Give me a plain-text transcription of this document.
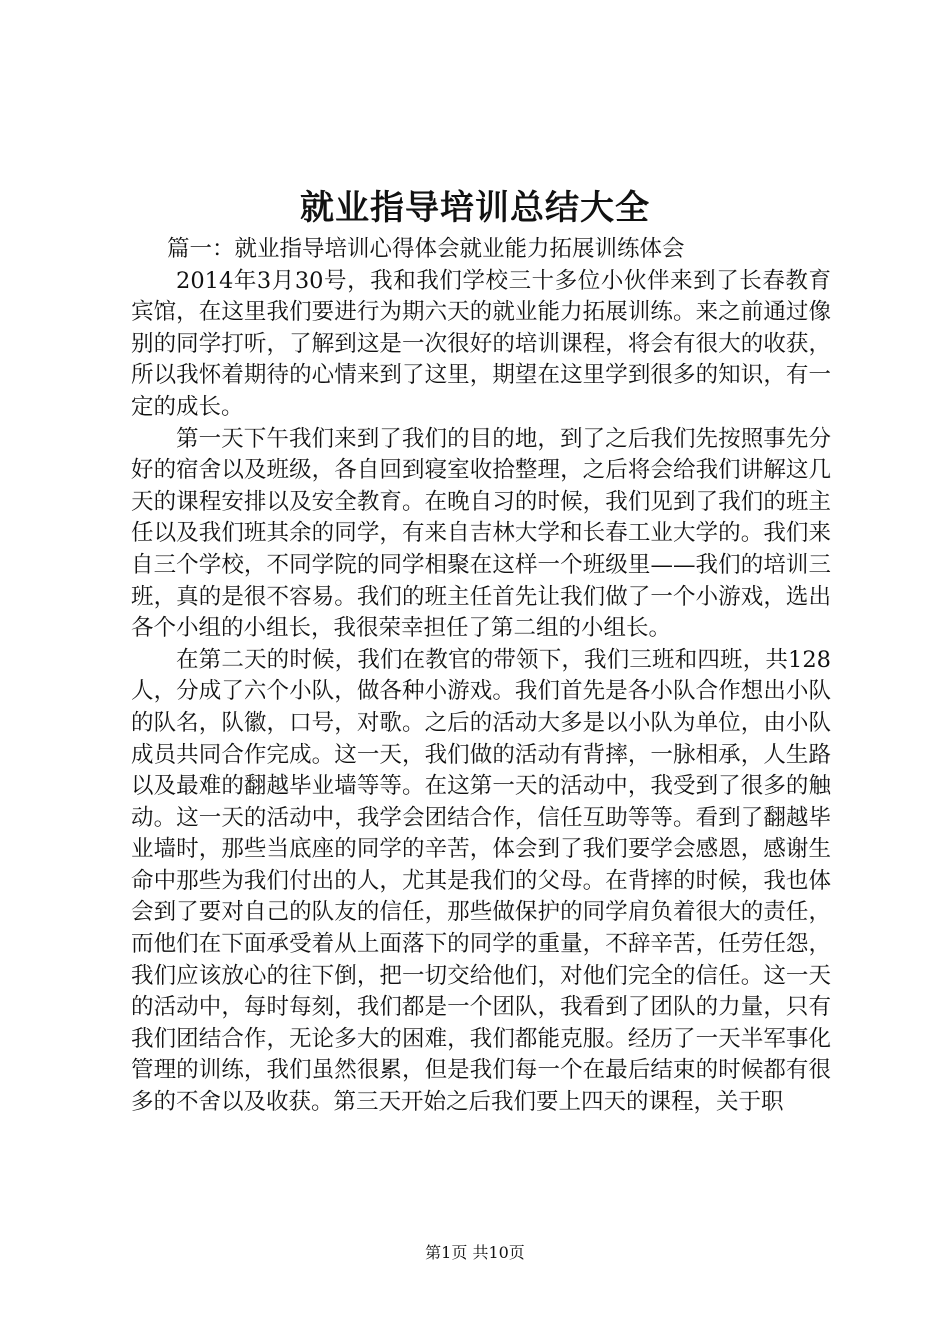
就业指导培训总结大全

篇一：就业指导培训心得体会就业能力拓展训练体会

2014年3月30号，我和我们学校三十多位小伙伴来到了长春教育宾馆，在这里我们要进行为期六天的就业能力拓展训练。来之前通过像别的同学打听，了解到这是一次很好的培训课程，将会有很大的收获，所以我怀着期待的心情来到了这里，期望在这里学到很多的知识，有一定的成长。

第一天下午我们来到了我们的目的地，到了之后我们先按照事先分好的宿舍以及班级，各自回到寝室收拾整理，之后将会给我们讲解这几天的课程安排以及安全教育。在晚自习的时候，我们见到了我们的班主任以及我们班其余的同学，有来自吉林大学和长春工业大学的。我们来自三个学校，不同学院的同学相聚在这样一个班级里——我们的培训三班，真的是很不容易。我们的班主任首先让我们做了一个小游戏，选出各个小组的小组长，我很荣幸担任了第二组的小组长。

在第二天的时候，我们在教官的带领下，我们三班和四班，共128人，分成了六个小队，做各种小游戏。我们首先是各小队合作想出小队的队名，队徽，口号，对歌。之后的活动大多是以小队为单位，由小队成员共同合作完成。这一天，我们做的活动有背摔，一脉相承，人生路以及最难的翻越毕业墙等等。在这第一天的活动中，我受到了很多的触动。这一天的活动中，我学会团结合作，信任互助等等。看到了翻越毕业墙时，那些当底座的同学的辛苦，体会到了我们要学会感恩，感谢生命中那些为我们付出的人，尤其是我们的父母。在背摔的时候，我也体会到了要对自己的队友的信任，那些做保护的同学肩负着很大的责任，而他们在下面承受着从上面落下的同学的重量，不辞辛苦，任劳任怨，我们应该放心的往下倒，把一切交给他们，对他们完全的信任。这一天的活动中，每时每刻，我们都是一个团队，我看到了团队的力量，只有我们团结合作，无论多大的困难，我们都能克服。经历了一天半军事化管理的训练，我们虽然很累，但是我们每一个在最后结束的时候都有很多的不舍以及收获。第三天开始之后我们要上四天的课程，关于职

第1页 共10页
